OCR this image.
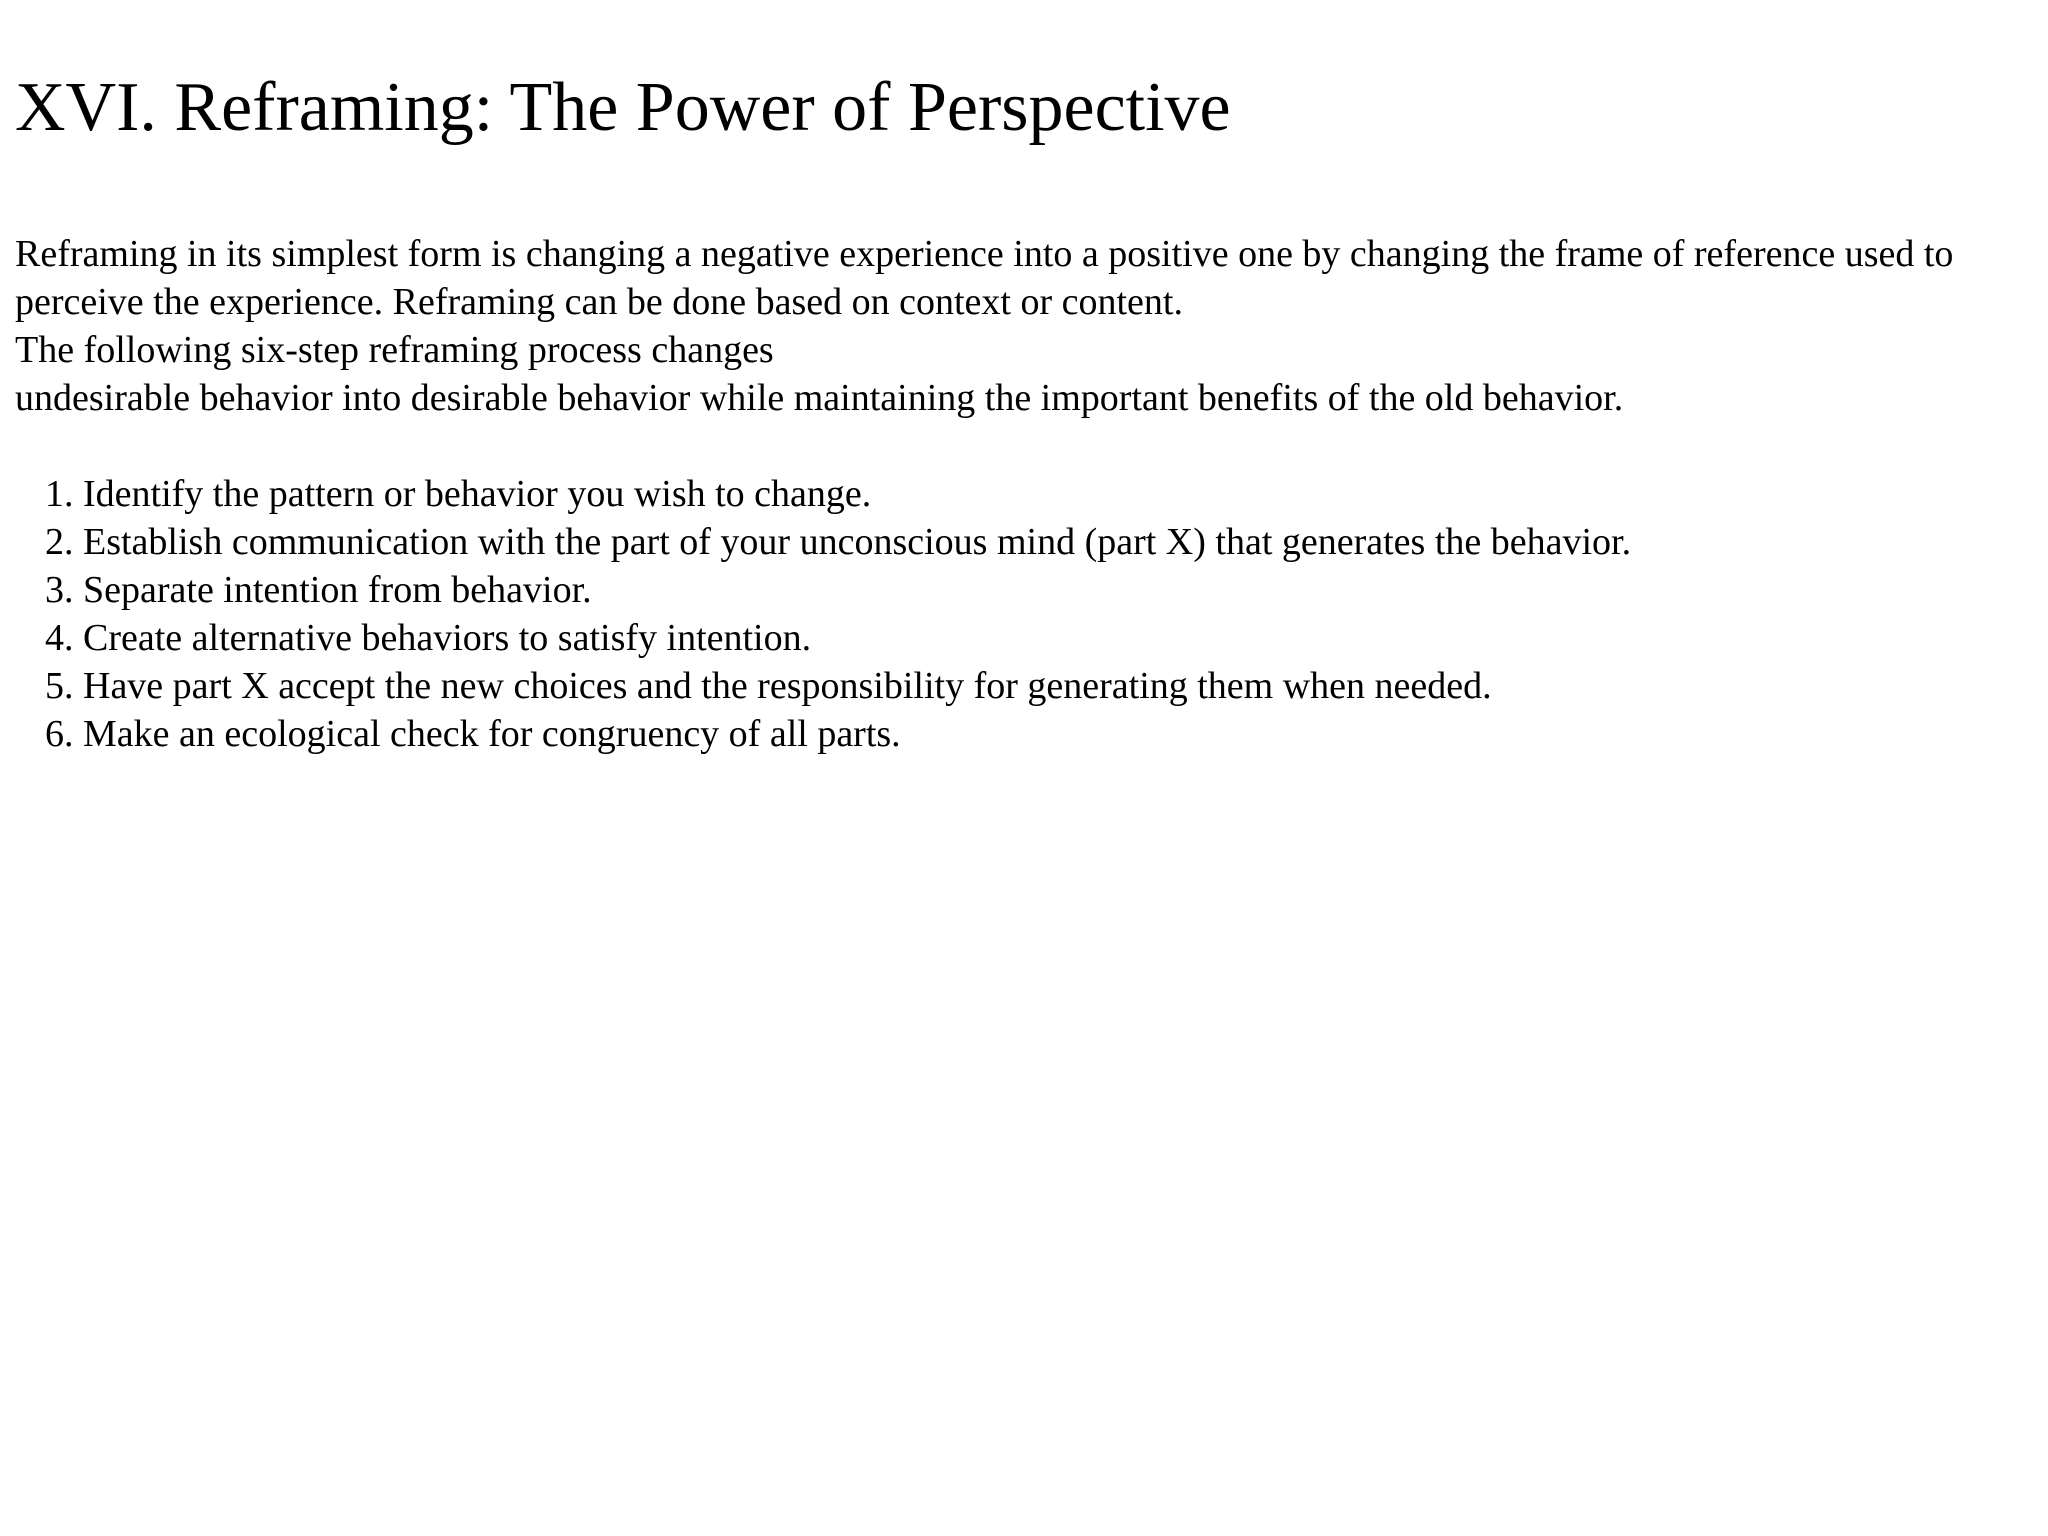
XVI. Reframing: The Power of Perspective

Reframing in its simplest form is changing a negative experience into a positive one by changing the frame of reference used to perceive the experience. Reframing can be done based on context or content.

The following six-step reframing process changes

undesirable behavior into desirable behavior while maintaining the important benefits of the old behavior.

1. Identify the pattern or behavior you wish to change.
2. Establish communication with the part of your unconscious mind (part X) that generates the behavior.
3. Separate intention from behavior.
4. Create alternative behaviors to satisfy intention.
5. Have part X accept the new choices and the responsibility for generating them when needed.
6. Make an ecological check for congruency of all parts.
